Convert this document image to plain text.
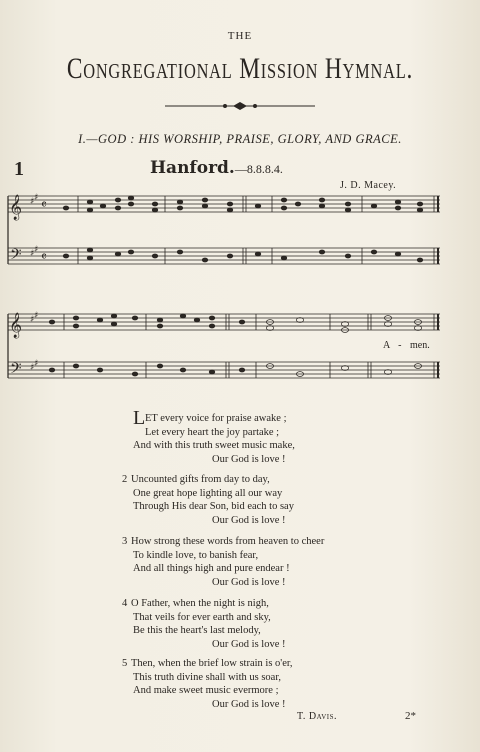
THE
Congregational Mission Hymnal.
I.—GOD : HIS WORSHIP, PRAISE, GLORY, AND GRACE.
1	Hanford.—8.8.8.4.
J. D. Macey.
𝄞
𝄢
♯ ♯
♯ ♯
𝄴
𝄴
𝄞
𝄢
♯ ♯
♯ ♯
A - men.
L ET every voice for praise awake ;
Let every heart the joy partake ;
And with this truth sweet music make,
Our God is love !
2 Uncounted gifts from day to day,
One great hope lighting all our way
Through His dear Son, bid each to say
Our God is love !
3 How strong these words from heaven to cheer
To kindle love, to banish fear,
And all things high and pure endear !
Our God is love !
4 O Father, when the night is nigh,
That veils for ever earth and sky,
Be this the heart's last melody,
Our God is love !
5 Then, when the brief low strain is o'er,
This truth divine shall with us soar,
And make sweet music evermore ;
Our God is love !
T. Davis.	2*
